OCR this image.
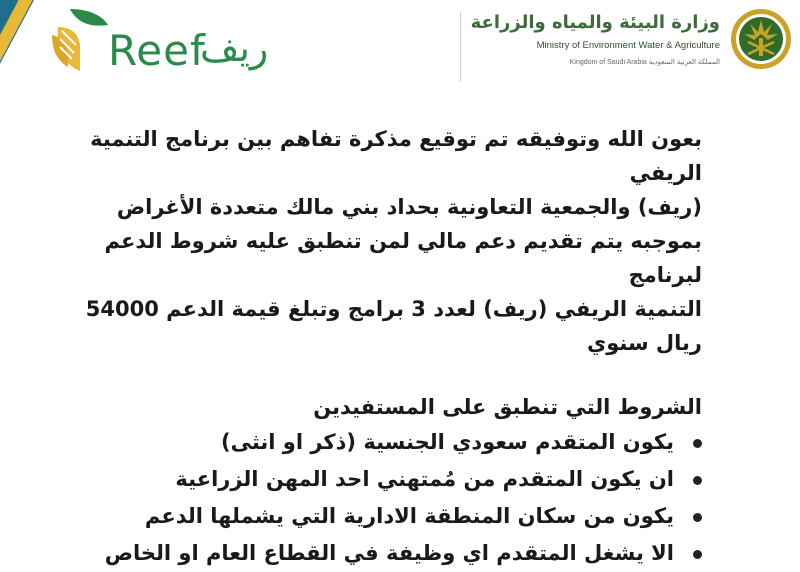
Reef
ريف
وزارة البيئة والمياه والزراعة
Ministry of Environment Water & Agriculture
Kingdom of Saudi Arabia المملكة العربية السعودية

بعون الله وتوفيقه تم توقيع مذكرة تفاهم بين برنامج التنمية الريفي

(ريف) والجمعية التعاونية بحداد بني مالك متعددة الأغراض

بموجبه يتم تقديم دعم مالي لمن تنطبق عليه شروط الدعم لبرنامج

التنمية الريفي (ريف) لعدد 3 برامج وتبلغ قيمة الدعم 54000 ريال سنوي

الشروط التي تنطبق على المستفيدين
يكون المتقدم سعودي الجنسية (ذكر او انثى)
ان يكون المتقدم من مُمتهني احد المهن الزراعية
يكون من سكان المنطقة الادارية التي يشملها الدعم
الا يشغل المتقدم اي وظيفة في القطاع العام او الخاص
